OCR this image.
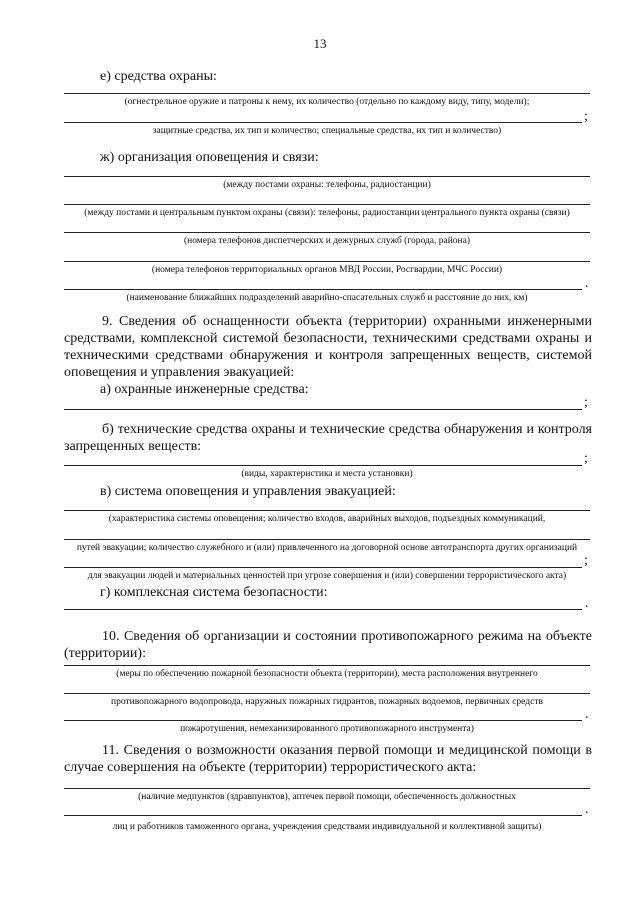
13
е) средства охраны:
(огнестрельное оружие и патроны к нему, их количество (отдельно по каждому виду, типу, модели);
;
защитные средства, их тип и количество; специальные средства, их тип и количество)
ж) организация оповещения и связи:
(между постами охраны: телефоны, радиостанции)
(между постами и центральным пунктом охраны (связи): телефоны, радиостанции центрального пункта охраны (связи)
(номера телефонов диспетчерских и дежурных служб (города, района)
(номера телефонов территориальных органов МВД России, Росгвардии, МЧС России)
.
(наименование ближайших подразделений аварийно-спасательных служб и расстояние до них, км)
9. Сведения об оснащенности объекта (территории) охранными инженерными средствами, комплексной системой безопасности, техническими средствами охраны и техническими средствами обнаружения и контроля запрещенных веществ, системой оповещения и управления эвакуацией:
а) охранные инженерные средства:
;
б) технические средства охраны и технические средства обнаружения и контроля запрещенных веществ:
;
(виды, характеристика и места установки)
в) система оповещения и управления эвакуацией:
(характеристика системы оповещения; количество входов, аварийных выходов, подъездных коммуникаций,
путей эвакуации; количество служебного и (или) привлеченного на договорной основе автотранспорта других организаций
;
для эвакуации людей и материальных ценностей при угрозе совершения и (или) совершении террористического акта)
г) комплексная система безопасности:
.
10. Сведения об организации и состоянии противопожарного режима на объекте (территории):
(меры по обеспечению пожарной безопасности объекта (территории), места расположения внутреннего
противопожарного водопровода, наружных пожарных гидрантов, пожарных водоемов, первичных средств
.
пожаротушения, немеханизированного противопожарного инструмента)
11. Сведения о возможности оказания первой помощи и медицинской помощи в случае совершения на объекте (территории) террористического акта:
(наличие медпунктов (здравпунктов), аптечек первой помощи, обеспеченность должностных
.
лиц и работников таможенного органа, учреждения средствами индивидуальной и коллективной защиты)
